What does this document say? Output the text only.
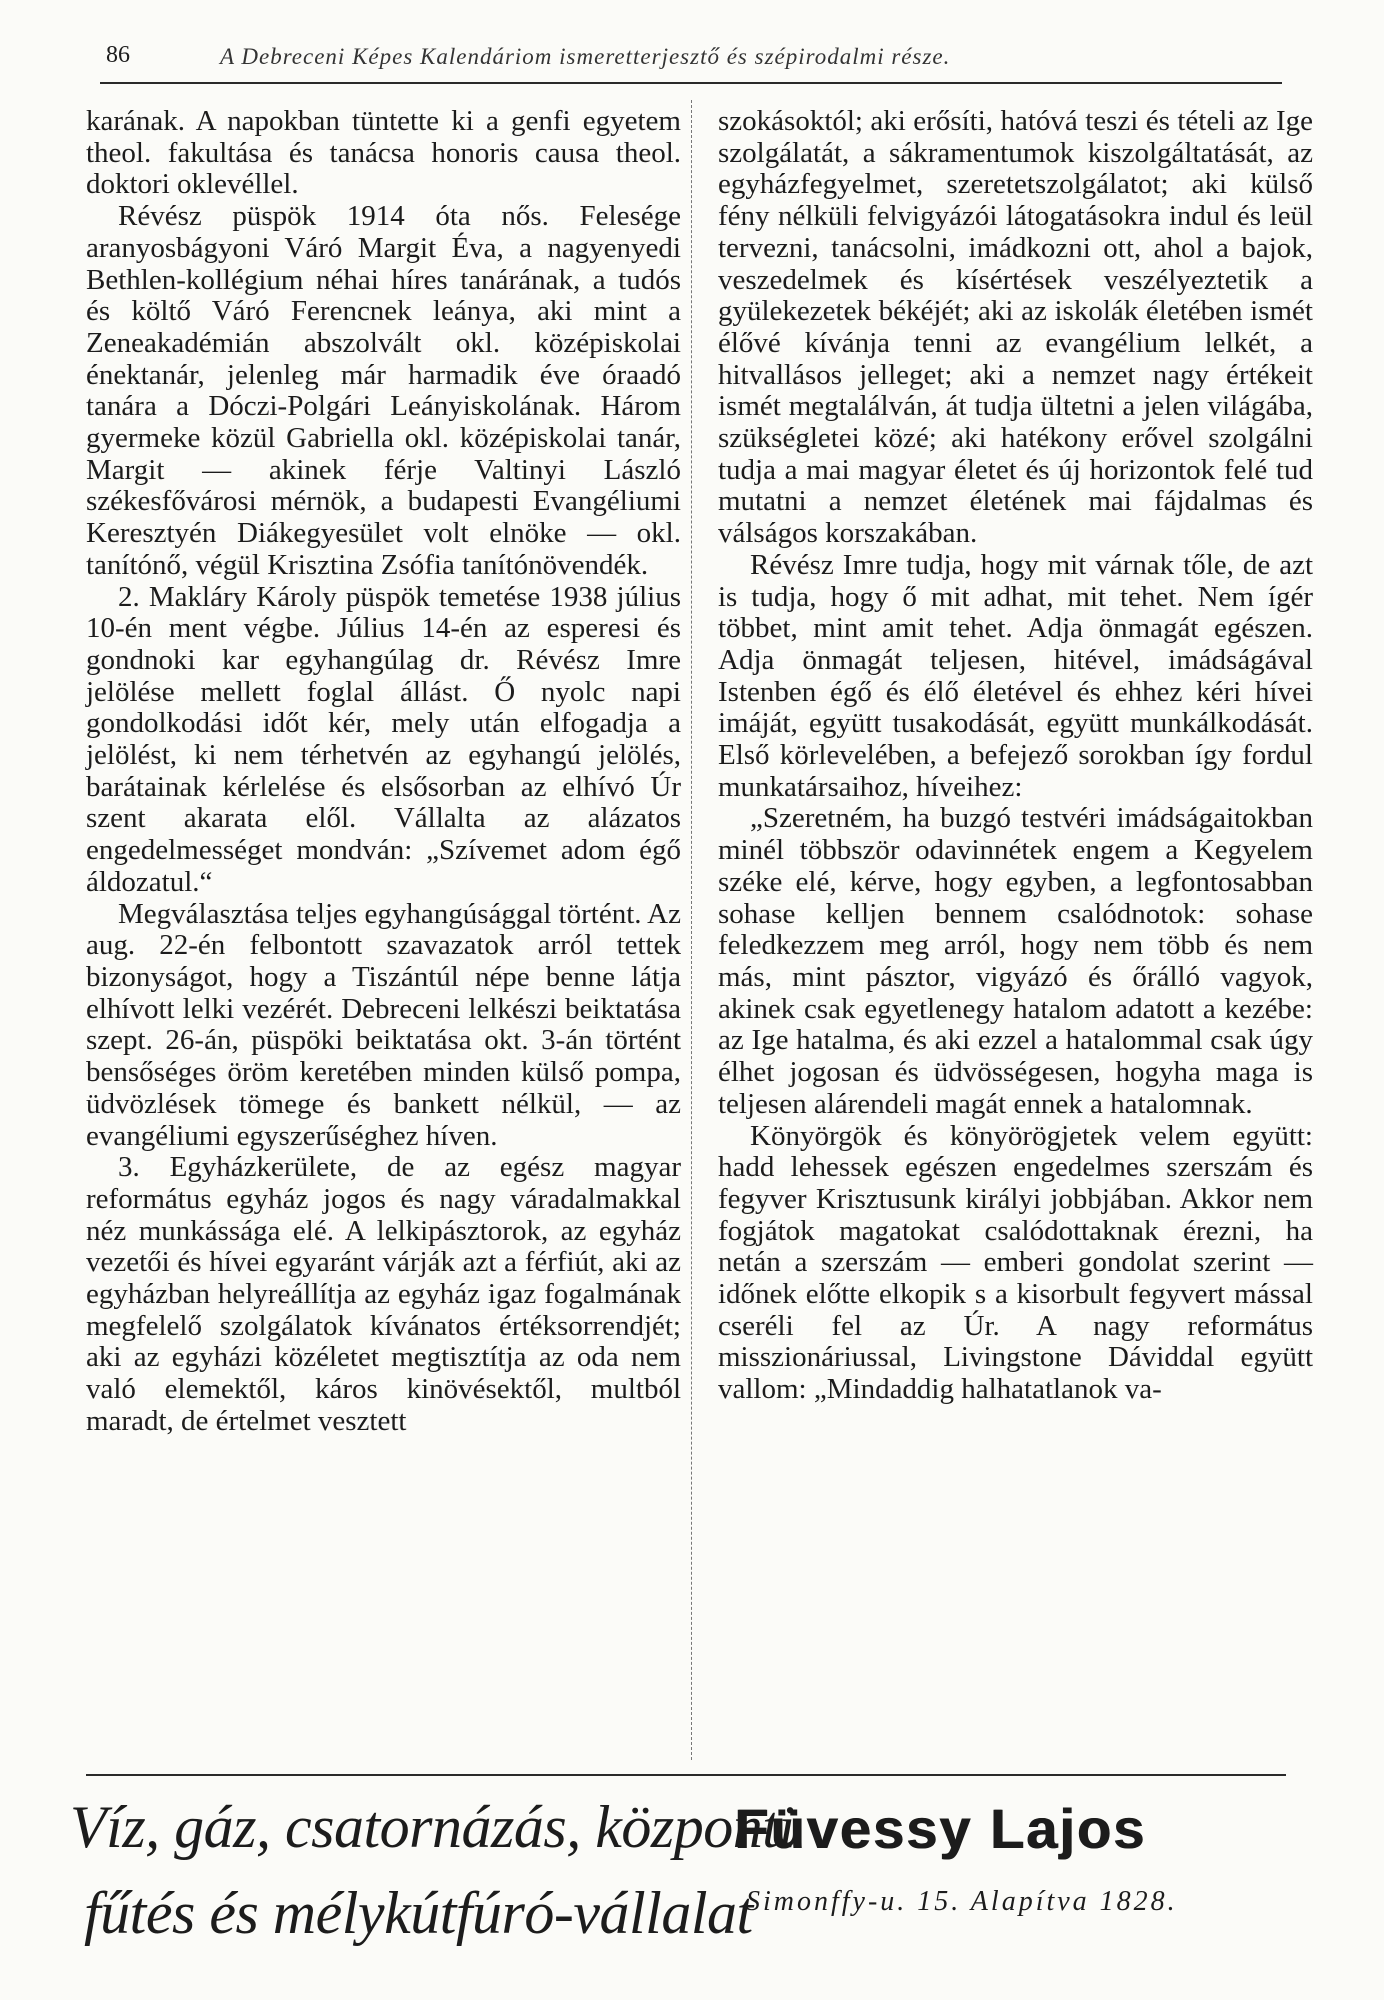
86	A Debreceni Képes Kalendáriom ismeretterjesztő és szépirodalmi része.

karának. A napokban tüntette ki a genfi egyetem theol. fakultása és tanácsa honoris causa theol. doktori oklevéllel.

Révész püspök 1914 óta nős. Felesége aranyosbágyoni Váró Margit Éva, a nagyenyedi Bethlen-kollégium néhai híres tanárának, a tudós és költő Váró Ferencnek leánya, aki mint a Zeneakadémián abszolvált okl. középiskolai énektanár, jelenleg már harmadik éve óraadó tanára a Dóczi-Polgári Leányiskolának. Három gyermeke közül Gabriella okl. középiskolai tanár, Margit — akinek férje Valtinyi László székesfővárosi mérnök, a budapesti Evangéliumi Keresztyén Diákegyesület volt elnöke — okl. tanítónő, végül Krisztina Zsófia tanítónövendék.

2. Makláry Károly püspök temetése 1938 július 10-én ment végbe. Július 14-én az esperesi és gondnoki kar egyhangúlag dr. Révész Imre jelölése mellett foglal állást. Ő nyolc napi gondolkodási időt kér, mely után elfogadja a jelölést, ki nem térhetvén az egyhangú jelölés, barátainak kérlelése és elsősorban az elhívó Úr szent akarata elől. Vállalta az alázatos engedelmességet mondván: „Szívemet adom égő áldozatul.“

Megválasztása teljes egyhangúsággal történt. Az aug. 22-én felbontott szavazatok arról tettek bizonyságot, hogy a Tiszántúl népe benne látja elhívott lelki vezérét. Debreceni lelkészi beiktatása szept. 26-án, püspöki beiktatása okt. 3-án történt bensőséges öröm keretében minden külső pompa, üdvözlések tömege és bankett nélkül, — az evangéliumi egyszerűséghez híven.

3. Egyházkerülete, de az egész magyar református egyház jogos és nagy váradalmakkal néz munkássága elé. A lelkipásztorok, az egyház vezetői és hívei egyaránt várják azt a férfiút, aki az egyházban helyreállítja az egyház igaz fogalmának megfelelő szolgálatok kívánatos értéksorrendjét; aki az egyházi közéletet megtisztítja az oda nem való elemektől, káros kinövésektől, multból maradt, de értelmet vesztett

szokásoktól; aki erősíti, hatóvá teszi és tételi az Ige szolgálatát, a sákramentumok kiszolgáltatását, az egyházfegyelmet, szeretetszolgálatot; aki külső fény nélküli felvigyázói látogatásokra indul és leül tervezni, tanácsolni, imádkozni ott, ahol a bajok, veszedelmek és kísértések veszélyeztetik a gyülekezetek békéjét; aki az iskolák életében ismét élővé kívánja tenni az evangélium lelkét, a hitvallásos jelleget; aki a nemzet nagy értékeit ismét megtalálván, át tudja ültetni a jelen világába, szükségletei közé; aki hatékony erővel szolgálni tudja a mai magyar életet és új horizontok felé tud mutatni a nemzet életének mai fájdalmas és válságos korszakában.

Révész Imre tudja, hogy mit várnak tőle, de azt is tudja, hogy ő mit adhat, mit tehet. Nem ígér többet, mint amit tehet. Adja önmagát egészen. Adja önmagát teljesen, hitével, imádságával Istenben égő és élő életével és ehhez kéri hívei imáját, együtt tusakodását, együtt munkálkodását. Első körlevelében, a befejező sorokban így fordul munkatársaihoz, híveihez:

„Szeretném, ha buzgó testvéri imádságaitokban minél többször odavinnétek engem a Kegyelem széke elé, kérve, hogy egyben, a legfontosabban sohase kelljen bennem csalódnotok: sohase feledkezzem meg arról, hogy nem több és nem más, mint pásztor, vigyázó és őrálló vagyok, akinek csak egyetlenegy hatalom adatott a kezébe: az Ige hatalma, és aki ezzel a hatalommal csak úgy élhet jogosan és üdvösségesen, hogyha maga is teljesen alárendeli magát ennek a hatalomnak.

Könyörgök és könyörögjetek velem együtt: hadd lehessek egészen engedelmes szerszám és fegyver Krisztusunk királyi jobbjában. Akkor nem fogjátok magatokat csalódottaknak érezni, ha netán a szerszám — emberi gondolat szerint — időnek előtte elkopik s a kisorbult fegyvert mással cseréli fel az Úr. A nagy református misszionáriussal, Livingstone Dáviddal együtt vallom: „Mindaddig halhatatlanok va-

Víz, gáz, csatornázás, központi
fűtés és mélykútfúró-vállalat
Füvessy Lajos
Simonffy-u. 15. Alapítva 1828.
